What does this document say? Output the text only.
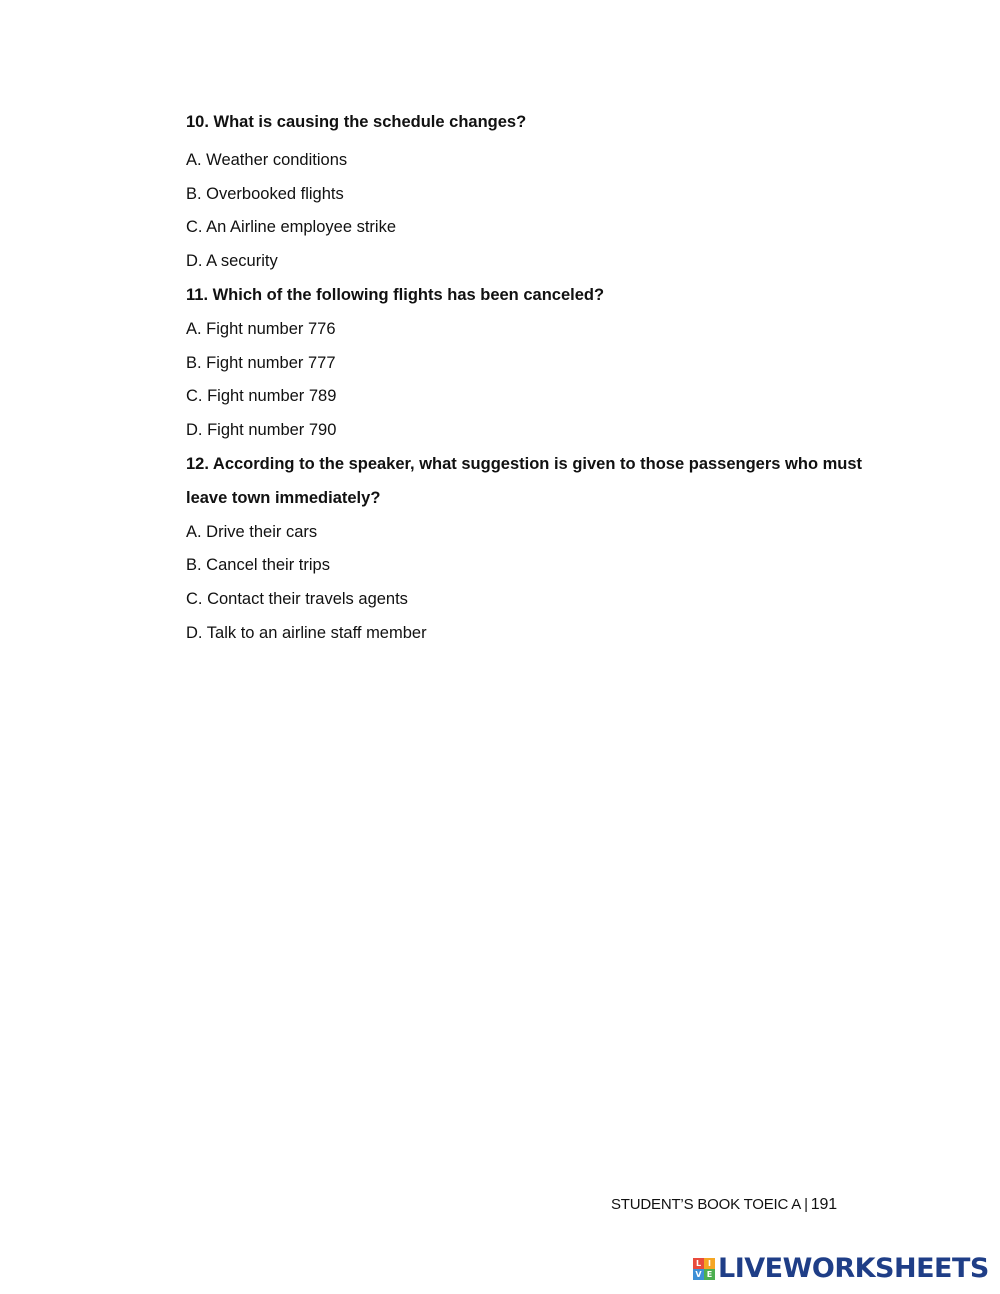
10. What is causing the schedule changes?
A. Weather conditions
B. Overbooked flights
C. An Airline employee strike
D. A security
11. Which of the following flights has been canceled?
A. Fight number 776
B. Fight number 777
C. Fight number 789
D. Fight number 790
12. According to the speaker, what suggestion is given to those passengers who must
leave town immediately?
A. Drive their cars
B. Cancel their trips
C. Contact their travels agents
D. Talk to an airline staff member
STUDENT’S BOOK TOEIC A | 191
L I
V E LIVEWORKSHEETS
